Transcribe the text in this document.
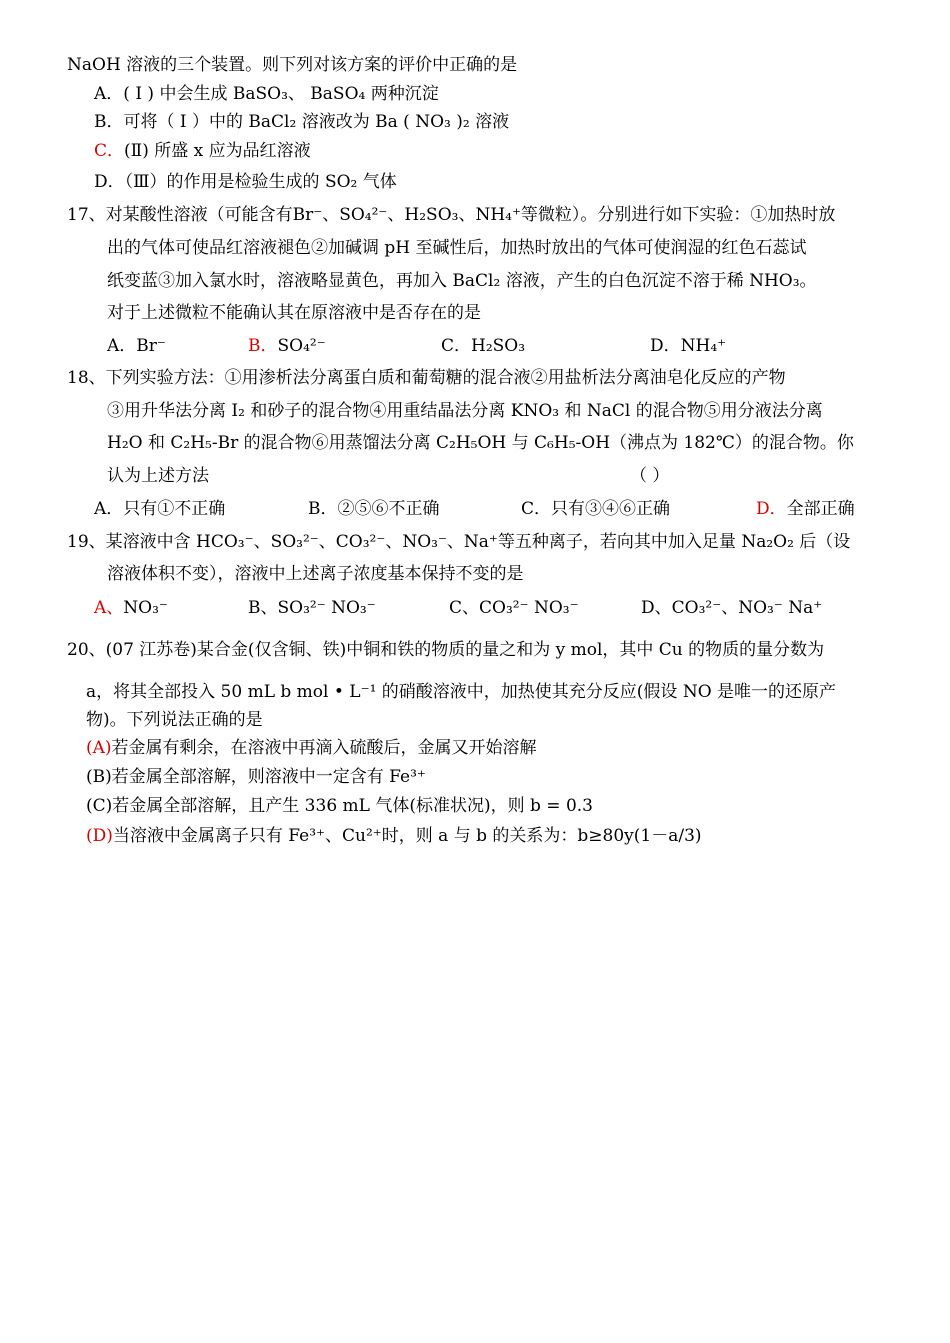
NaOH 溶液的三个装置。则下列对该方案的评价中正确的是
A．( Ⅰ ) 中会生成 BaSO₃、 BaSO₄ 两种沉淀
B．可将（ Ⅰ ）中的 BaCl₂ 溶液改为 Ba ( NO₃ )₂ 溶液
C．(Ⅱ) 所盛 x 应为品红溶液
D．（Ⅲ）的作用是检验生成的 SO₂ 气体
17、对某酸性溶液（可能含有Br⁻、SO₄²⁻、H₂SO₃、NH₄⁺等微粒）。分别进行如下实验：①加热时放
出的气体可使品红溶液褪色②加碱调 pH 至碱性后，加热时放出的气体可使润湿的红色石蕊试
纸变蓝③加入氯水时，溶液略显黄色，再加入 BaCl₂ 溶液，产生的白色沉淀不溶于稀 NHO₃。
对于上述微粒不能确认其在原溶液中是否存在的是
A．Br⁻	B．SO₄²⁻	C．H₂SO₃	D．NH₄⁺
18、下列实验方法：①用渗析法分离蛋白质和葡萄糖的混合液②用盐析法分离油皂化反应的产物
③用升华法分离 I₂ 和砂子的混合物④用重结晶法分离 KNO₃ 和 NaCl 的混合物⑤用分液法分离
H₂O 和 C₂H₅-Br 的混合物⑥用蒸馏法分离 C₂H₅OH 与 C₆H₅-OH（沸点为 182℃）的混合物。你
认为上述方法	（ ）
A．只有①不正确	B．②⑤⑥不正确	C．只有③④⑥正确	D．全部正确
19、某溶液中含 HCO₃⁻、SO₃²⁻、CO₃²⁻、NO₃⁻、Na⁺等五种离子，若向其中加入足量 Na₂O₂ 后（设
溶液体积不变），溶液中上述离子浓度基本保持不变的是
A、NO₃⁻	B、SO₃²⁻ NO₃⁻	C、CO₃²⁻ NO₃⁻	D、CO₃²⁻、NO₃⁻ Na⁺
20、(07 江苏卷)某合金(仅含铜、铁)中铜和铁的物质的量之和为 y mol，其中 Cu 的物质的量分数为
a，将其全部投入 50 mL b mol • L⁻¹ 的硝酸溶液中，加热使其充分反应(假设 NO 是唯一的还原产
物)。下列说法正确的是
(A)若金属有剩余，在溶液中再滴入硫酸后，金属又开始溶解
(B)若金属全部溶解，则溶液中一定含有 Fe³⁺
(C)若金属全部溶解，且产生 336 mL 气体(标准状况)，则 b = 0.3
(D)当溶液中金属离子只有 Fe³⁺、Cu²⁺时，则 a 与 b 的关系为：b≥80y(1－a/3)
